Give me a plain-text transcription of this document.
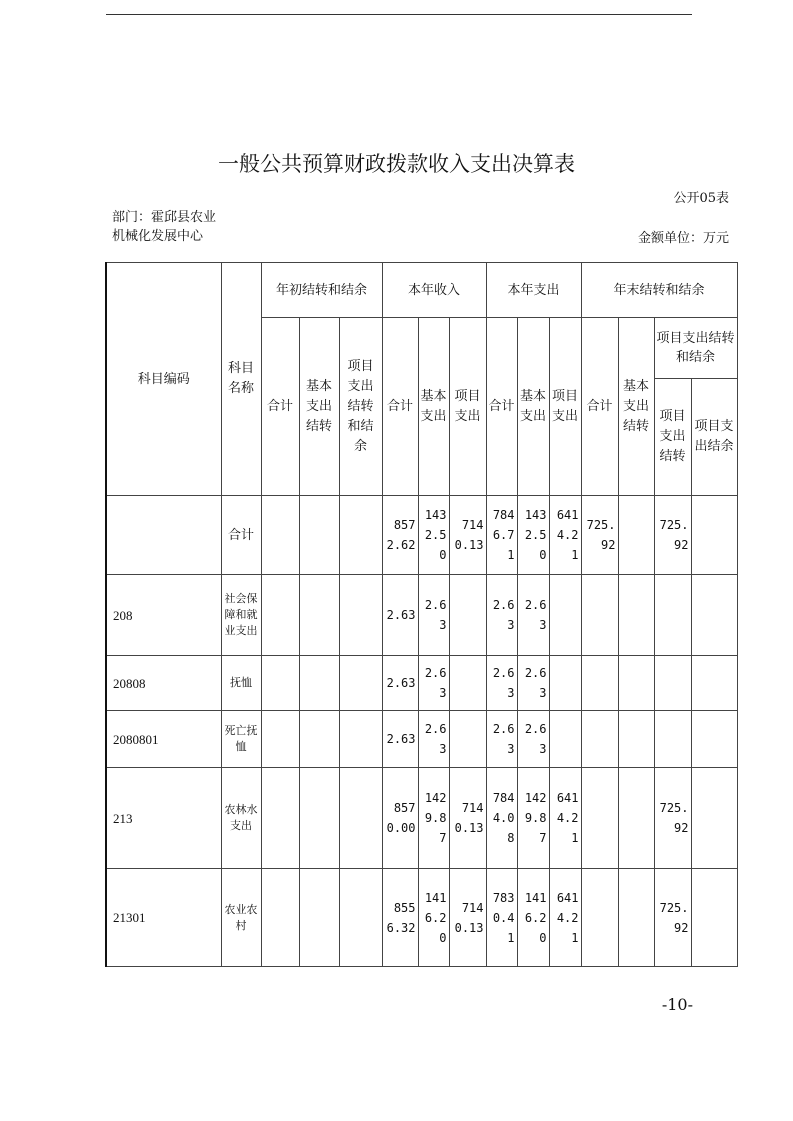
一般公共预算财政拨款收入支出决算表
公开05表
部门：霍邱县农业机械化发展中心	金额单位：万元
科目编码	科目名称	年初结转和结余			本年收入			本年支出			年末结转和结余			
		合计	基本支出结转	项目支出结转和结余	合计	基本支出	项目支出	合计	基本支出	项目支出	合计	基本支出结转	项目支出结转和结余	
													项目支出结转	项目支出结余
	合计				8572.62	1432.50	7140.13	7846.71	1432.50	6414.21	725.92		725.92	
208	社会保障和就业支出				2.63	2.63		2.63	2.63					
20808	抚恤				2.63	2.63		2.63	2.63					
2080801	死亡抚恤				2.63	2.63		2.63	2.63					
213	农林水支出				8570.00	1429.87	7140.13	7844.08	1429.87	6414.21			725.92	
21301	农业农村				8556.32	1416.20	7140.13	7830.41	1416.20	6414.21			725.92	
-10-
